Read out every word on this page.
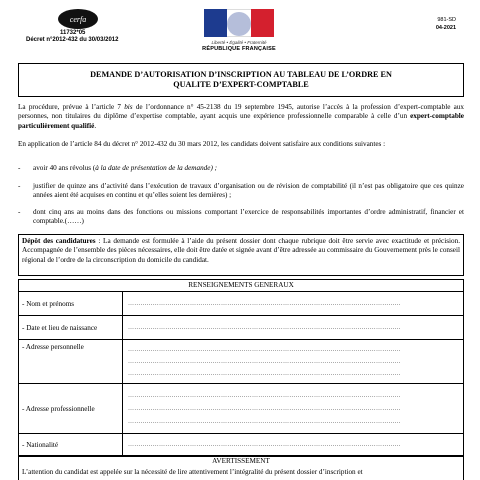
cerfa
11732*05
Décret n°2012-432 du 30/03/2012	Liberté • Égalité • Fraternité
RÉPUBLIQUE FRANÇAISE
981-SD
04-2021
DEMANDE D’AUTORISATION D’INSCRIPTION AU TABLEAU DE L’ORDRE EN QUALITE D’EXPERT-COMPTABLE
La procédure, prévue à l’article 7 bis de l’ordonnance n° 45-2138 du 19 septembre 1945, autorise l’accès à la profession d’expert-comptable aux personnes, non titulaires du diplôme d’expertise comptable, ayant acquis une expérience professionnelle comparable à celle d’un expert-comptable particulièrement qualifié.
En application de l’article 84 du décret n° 2012-432 du 30 mars 2012, les candidats doivent satisfaire aux conditions suivantes :
- avoir 40 ans révolus (à la date de présentation de la demande) ;
- justifier de quinze ans d’activité dans l’exécution de travaux d’organisation ou de révision de comptabilité (il n’est pas obligatoire que ces quinze années aient été acquises en continu et qu’elles soient les dernières) ;
- dont cinq ans au moins dans des fonctions ou missions comportant l’exercice de responsabilités importantes d’ordre administratif, financier et comptable.(……)
Dépôt des candidatures : La demande est formulée à l’aide du présent dossier dont chaque rubrique doit être servie avec exactitude et précision. Accompagnée de l’ensemble des pièces nécessaires, elle doit être datée et signée avant d’être adressée au commissaire du Gouvernement près le conseil régional de l’ordre de la circonscription du domicile du candidat.
RENSEIGNEMENTS GENERAUX
- Nom et prénoms	……………………………………………………………………………………………………………………
- Date et lieu de naissance	……………………………………………………………………………………………………………………
- Adresse personnelle	……………………………………………………………………………………………………………………
……………………………………………………………………………………………………………………
……………………………………………………………………………………………………………………
- Adresse professionnelle
……………………………………………………………………………………………………………………
……………………………………………………………………………………………………………………
……………………………………………………………………………………………………………………
- Nationalité	……………………………………………………………………………………………………………………
AVERTISSEMENT
L’attention du candidat est appelée sur la nécessité de lire attentivement l’intégralité du présent dossier d’inscription et
